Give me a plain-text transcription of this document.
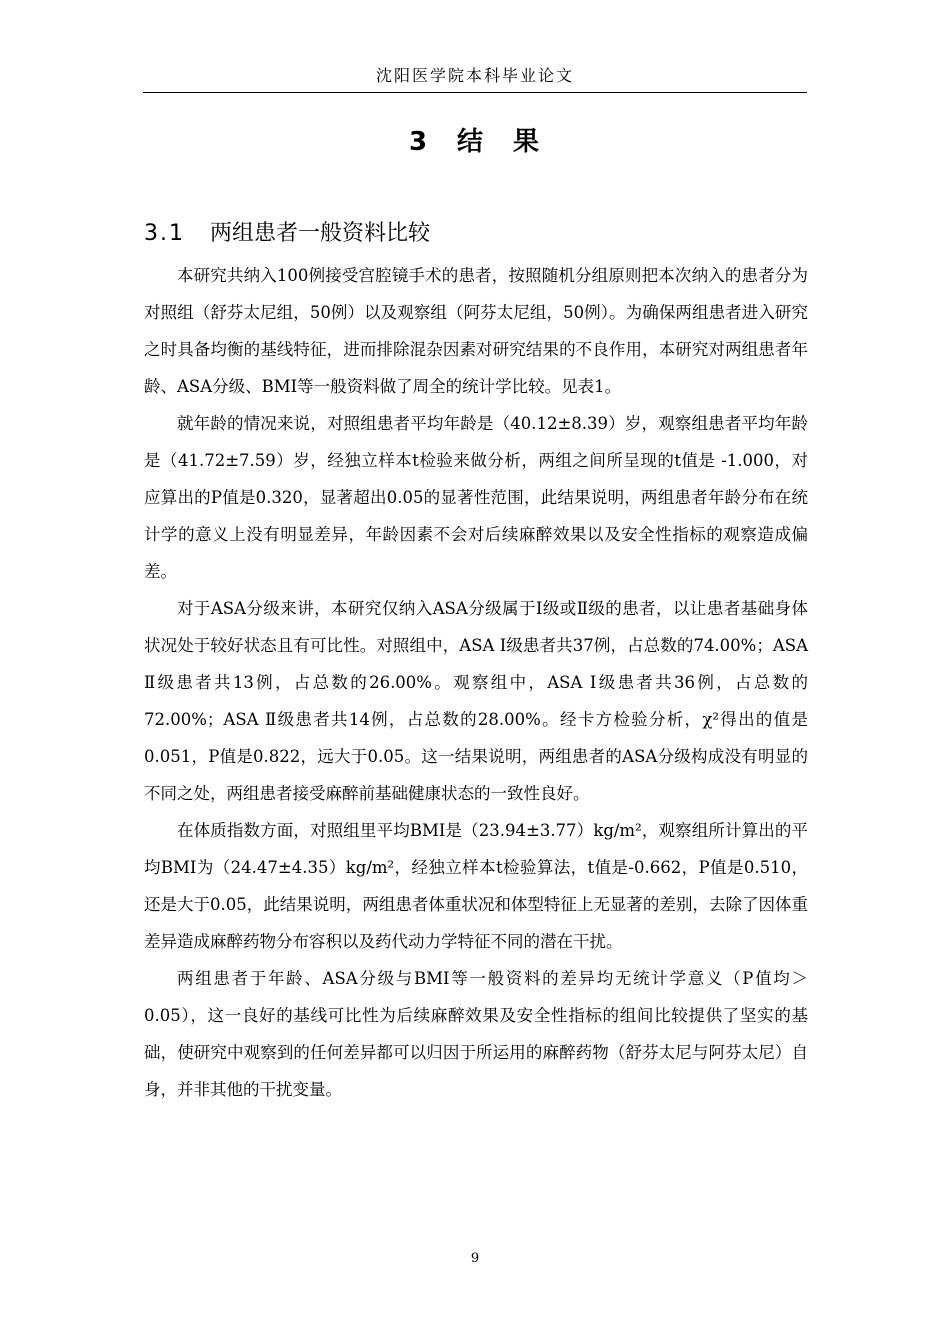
沈阳医学院本科毕业论文
3 结 果
3.1 两组患者一般资料比较

本研究共纳入100例接受宫腔镜手术的患者，按照随机分组原则把本次纳入的患者分为对照组（舒芬太尼组，50例）以及观察组（阿芬太尼组，50例）。为确保两组患者进入研究之时具备均衡的基线特征，进而排除混杂因素对研究结果的不良作用，本研究对两组患者年龄、ASA分级、BMI等一般资料做了周全的统计学比较。见表1。

就年龄的情况来说，对照组患者平均年龄是（40.12±8.39）岁，观察组患者平均年龄是（41.72±7.59）岁，经独立样本t检验来做分析，两组之间所呈现的t值是 -1.000，对应算出的P值是0.320，显著超出0.05的显著性范围，此结果说明，两组患者年龄分布在统计学的意义上没有明显差异，年龄因素不会对后续麻醉效果以及安全性指标的观察造成偏差。

对于ASA分级来讲，本研究仅纳入ASA分级属于Ⅰ级或Ⅱ级的患者，以让患者基础身体状况处于较好状态且有可比性。对照组中，ASA Ⅰ级患者共37例，占总数的74.00%；ASA Ⅱ级患者共13例，占总数的26.00%。观察组中，ASA Ⅰ级患者共36例，占总数的72.00%；ASA Ⅱ级患者共14例，占总数的28.00%。经卡方检验分析，χ²得出的值是0.051，P值是0.822，远大于0.05。这一结果说明，两组患者的ASA分级构成没有明显的不同之处，两组患者接受麻醉前基础健康状态的一致性良好。

在体质指数方面，对照组里平均BMI是（23.94±3.77）kg/m²，观察组所计算出的平均BMI为（24.47±4.35）kg/m²，经独立样本t检验算法，t值是-0.662，P值是0.510，还是大于0.05，此结果说明，两组患者体重状况和体型特征上无显著的差别，去除了因体重差异造成麻醉药物分布容积以及药代动力学特征不同的潜在干扰。

两组患者于年龄、ASA分级与BMI等一般资料的差异均无统计学意义（P值均＞0.05），这一良好的基线可比性为后续麻醉效果及安全性指标的组间比较提供了坚实的基础，使研究中观察到的任何差异都可以归因于所运用的麻醉药物（舒芬太尼与阿芬太尼）自身，并非其他的干扰变量。

9
